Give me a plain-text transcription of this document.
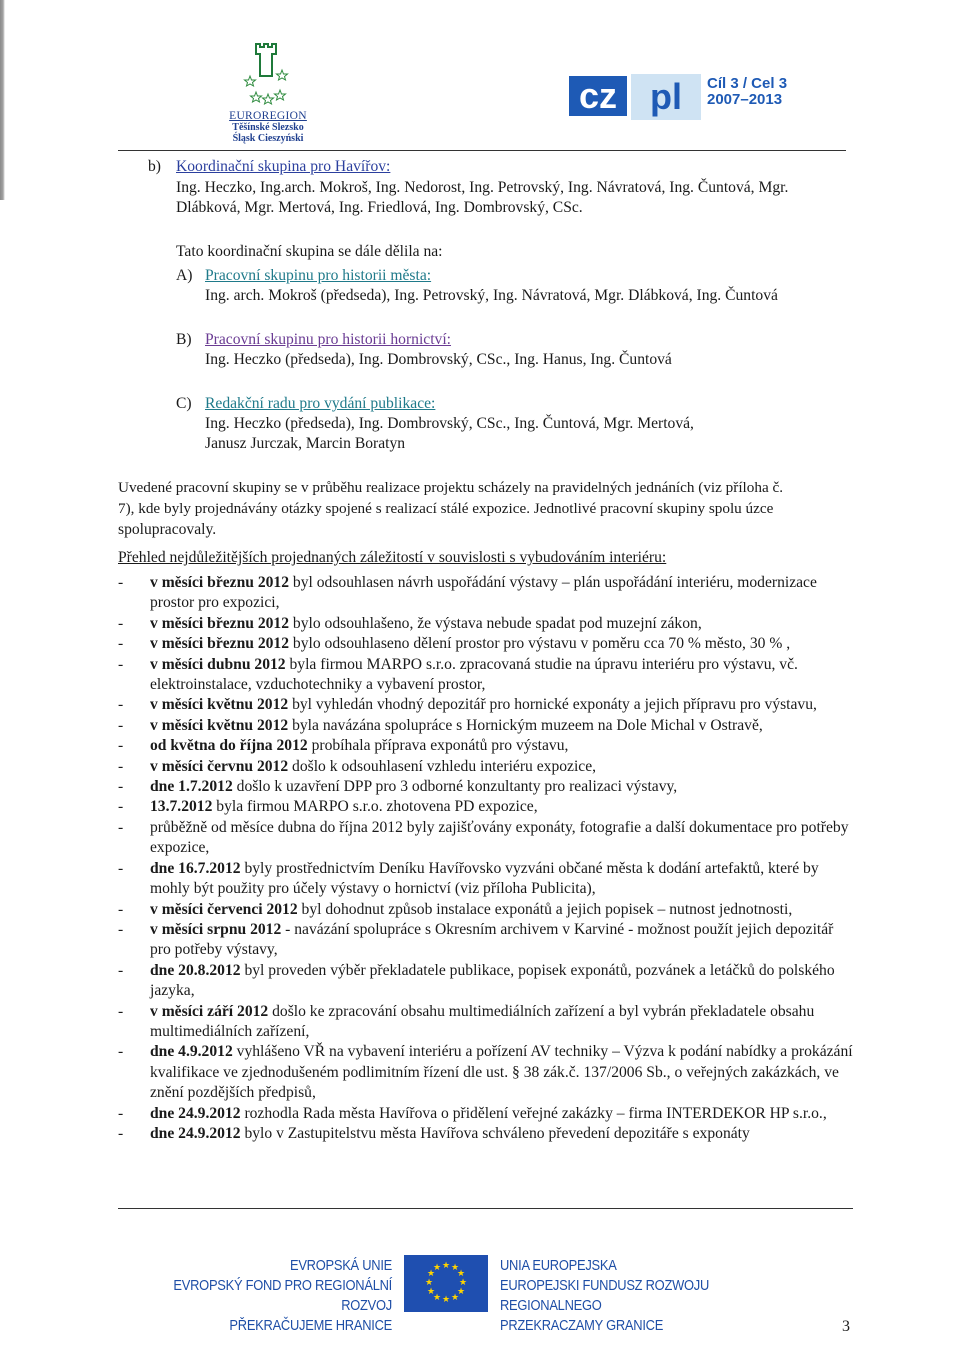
EUROREGION
Těšínské Slezsko
Śląsk Cieszyński
cz pl	Cíl 3 / Cel 3
2007–2013
b) Koordinační skupina pro Havířov:
Ing. Heczko, Ing.arch. Mokroš, Ing. Nedorost, Ing. Petrovský, Ing. Návratová, Ing. Čuntová, Mgr.
Dlábková, Mgr. Mertová, Ing. Friedlová, Ing. Dombrovský, CSc.
Tato koordinační skupina se dále dělila na:
A) Pracovní skupinu pro historii města:
Ing. arch. Mokroš (předseda), Ing. Petrovský, Ing. Návratová, Mgr. Dlábková, Ing. Čuntová
B) Pracovní skupinu pro historii hornictví:
Ing. Heczko (předseda), Ing. Dombrovský, CSc., Ing. Hanus, Ing. Čuntová
C) Redakční radu pro vydání publikace:
Ing. Heczko (předseda), Ing. Dombrovský, CSc., Ing. Čuntová, Mgr. Mertová,
Janusz Jurczak, Marcin Boratyn
Uvedené pracovní skupiny se v průběhu realizace projektu scházely na pravidelných jednáních (viz příloha č.
7), kde byly projednávány otázky spojené s realizací stálé expozice. Jednotlivé pracovní skupiny spolu úzce
spolupracovaly.
Přehled nejdůležitějších projednaných záležitostí v souvislosti s vybudováním interiéru:
- v měsíci březnu 2012 byl odsouhlasen návrh uspořádání výstavy – plán uspořádání interiéru, modernizace prostor pro expozici,
- v měsíci březnu 2012 bylo odsouhlašeno, že výstava nebude spadat pod muzejní zákon,
- v měsíci březnu 2012 bylo odsouhlaseno dělení prostor pro výstavu v poměru cca 70 % město, 30 % ,
- v měsíci dubnu 2012 byla firmou MARPO s.r.o. zpracovaná studie na úpravu interiéru pro výstavu, vč. elektroinstalace, vzduchotechniky a vybavení prostor,
- v měsíci květnu 2012 byl vyhledán vhodný depozitář pro hornické exponáty a jejich přípravu pro výstavu,
- v měsíci květnu 2012 byla navázána spolupráce s Hornickým muzeem na Dole Michal v Ostravě,
- od května do října 2012 probíhala příprava exponátů pro výstavu,
- v měsíci červnu 2012 došlo k odsouhlasení vzhledu interiéru expozice,
- dne 1.7.2012 došlo k uzavření DPP pro 3 odborné konzultanty pro realizaci výstavy,
- 13.7.2012 byla firmou MARPO s.r.o. zhotovena PD expozice,
- průběžně od měsíce dubna do října 2012 byly zajišťovány exponáty, fotografie a další dokumentace pro potřeby expozice,
- dne 16.7.2012 byly prostřednictvím Deníku Havířovsko vyzváni občané města k dodání artefaktů, které by mohly být použity pro účely výstavy o hornictví (viz příloha Publicita),
- v měsíci červenci 2012 byl dohodnut způsob instalace exponátů a jejich popisek – nutnost jednotnosti,
- v měsíci srpnu 2012 - navázání spolupráce s Okresním archivem v Karviné - možnost použít jejich depozitář pro potřeby výstavy,
- dne 20.8.2012 byl proveden výběr překladatele publikace, popisek exponátů, pozvánek a letáčků do polského jazyka,
- v měsíci září 2012 došlo ke zpracování obsahu multimediálních zařízení a byl vybrán překladatele obsahu multimediálních zařízení,
- dne 4.9.2012 vyhlášeno VŘ na vybavení interiéru a pořízení AV techniky – Výzva k podání nabídky a prokázání kvalifikace ve zjednodušeném podlimitním řízení dle ust. § 38 zák.č. 137/2006 Sb., o veřejných zakázkách, ve znění pozdějších předpisů,
- dne 24.9.2012 rozhodla Rada města Havířova o přidělení veřejné zakázky – firma INTERDEKOR HP s.r.o.,
- dne 24.9.2012 bylo v Zastupitelstvu města Havířova schváleno převedení depozitáře s exponáty
EVROPSKÁ UNIE
EVROPSKÝ FOND PRO REGIONÁLNÍ ROZVOJ
PŘEKRAČUJEME HRANICE
★ ★
★
★
★
★
★
★
★
★
★
★	UNIA EUROPEJSKA
EUROPEJSKI FUNDUSZ ROZWOJU REGIONALNEGO
PRZEKRACZAMY GRANICE	3
